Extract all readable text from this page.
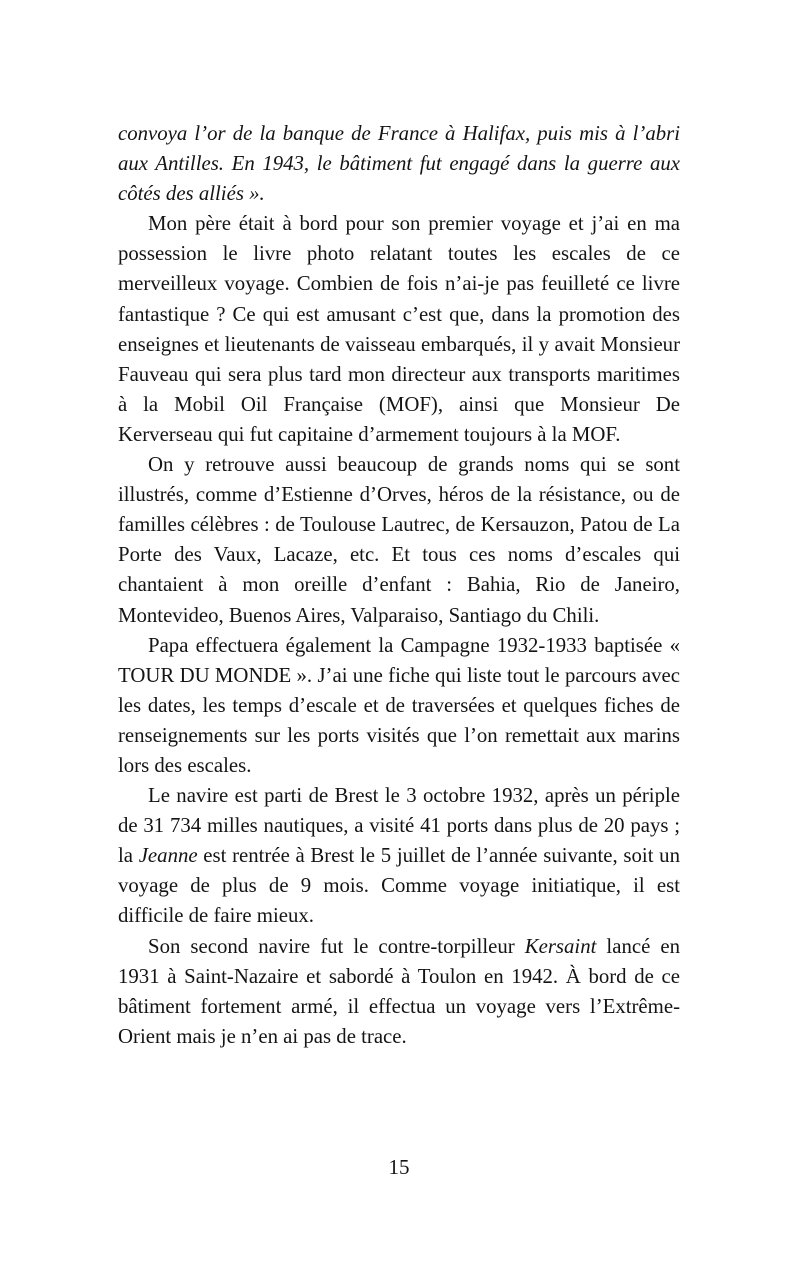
convoya l’or de la banque de France à Halifax, puis mis à l’abri aux Antilles. En 1943, le bâtiment fut engagé dans la guerre aux côtés des alliés ».

Mon père était à bord pour son premier voyage et j’ai en ma possession le livre photo relatant toutes les escales de ce merveilleux voyage. Combien de fois n’ai-je pas feuilleté ce livre fantastique ? Ce qui est amusant c’est que, dans la promotion des enseignes et lieutenants de vaisseau embarqués, il y avait Monsieur Fauveau qui sera plus tard mon directeur aux transports maritimes à la Mobil Oil Française (MOF), ainsi que Monsieur De Kerverseau qui fut capitaine d’armement toujours à la MOF.

On y retrouve aussi beaucoup de grands noms qui se sont illustrés, comme d’Estienne d’Orves, héros de la résistance, ou de familles célèbres : de Toulouse Lautrec, de Kersauzon, Patou de La Porte des Vaux, Lacaze, etc. Et tous ces noms d’escales qui chantaient à mon oreille d’enfant : Bahia, Rio de Janeiro, Montevideo, Buenos Aires, Valparaiso, Santiago du Chili.

Papa effectuera également la Campagne 1932-1933 baptisée « TOUR DU MONDE ». J’ai une fiche qui liste tout le parcours avec les dates, les temps d’escale et de traversées et quelques fiches de renseignements sur les ports visités que l’on remettait aux marins lors des escales.

Le navire est parti de Brest le 3 octobre 1932, après un périple de 31 734 milles nautiques, a visité 41 ports dans plus de 20 pays ; la Jeanne est rentrée à Brest le 5 juillet de l’année suivante, soit un voyage de plus de 9 mois. Comme voyage initiatique, il est difficile de faire mieux.

Son second navire fut le contre-torpilleur Kersaint lancé en 1931 à Saint-Nazaire et sabordé à Toulon en 1942. À bord de ce bâtiment fortement armé, il effectua un voyage vers l’Extrême-Orient mais je n’en ai pas de trace.

15
